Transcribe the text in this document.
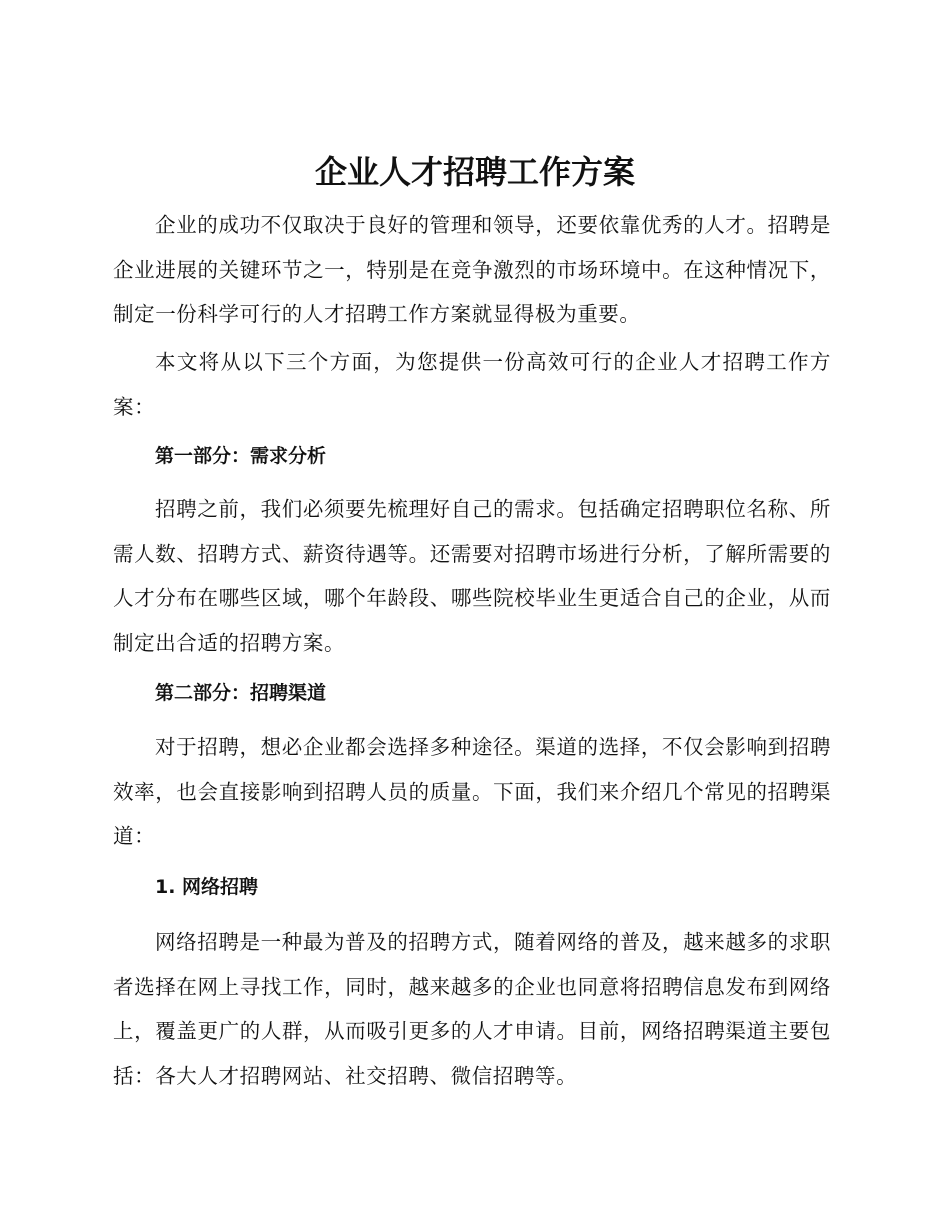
企业人才招聘工作方案

企业的成功不仅取决于良好的管理和领导，还要依靠优秀的人才。招聘是企业进展的关键环节之一，特别是在竞争激烈的市场环境中。在这种情况下，制定一份科学可行的人才招聘工作方案就显得极为重要。

本文将从以下三个方面，为您提供一份高效可行的企业人才招聘工作方案：

第一部分：需求分析

招聘之前，我们必须要先梳理好自己的需求。包括确定招聘职位名称、所需人数、招聘方式、薪资待遇等。还需要对招聘市场进行分析，了解所需要的人才分布在哪些区域，哪个年龄段、哪些院校毕业生更适合自己的企业，从而制定出合适的招聘方案。

第二部分：招聘渠道

对于招聘，想必企业都会选择多种途径。渠道的选择，不仅会影响到招聘效率，也会直接影响到招聘人员的质量。下面，我们来介绍几个常见的招聘渠道：

1. 网络招聘

网络招聘是一种最为普及的招聘方式，随着网络的普及，越来越多的求职者选择在网上寻找工作，同时，越来越多的企业也同意将招聘信息发布到网络上，覆盖更广的人群，从而吸引更多的人才申请。目前，网络招聘渠道主要包括：各大人才招聘网站、社交招聘、微信招聘等。
